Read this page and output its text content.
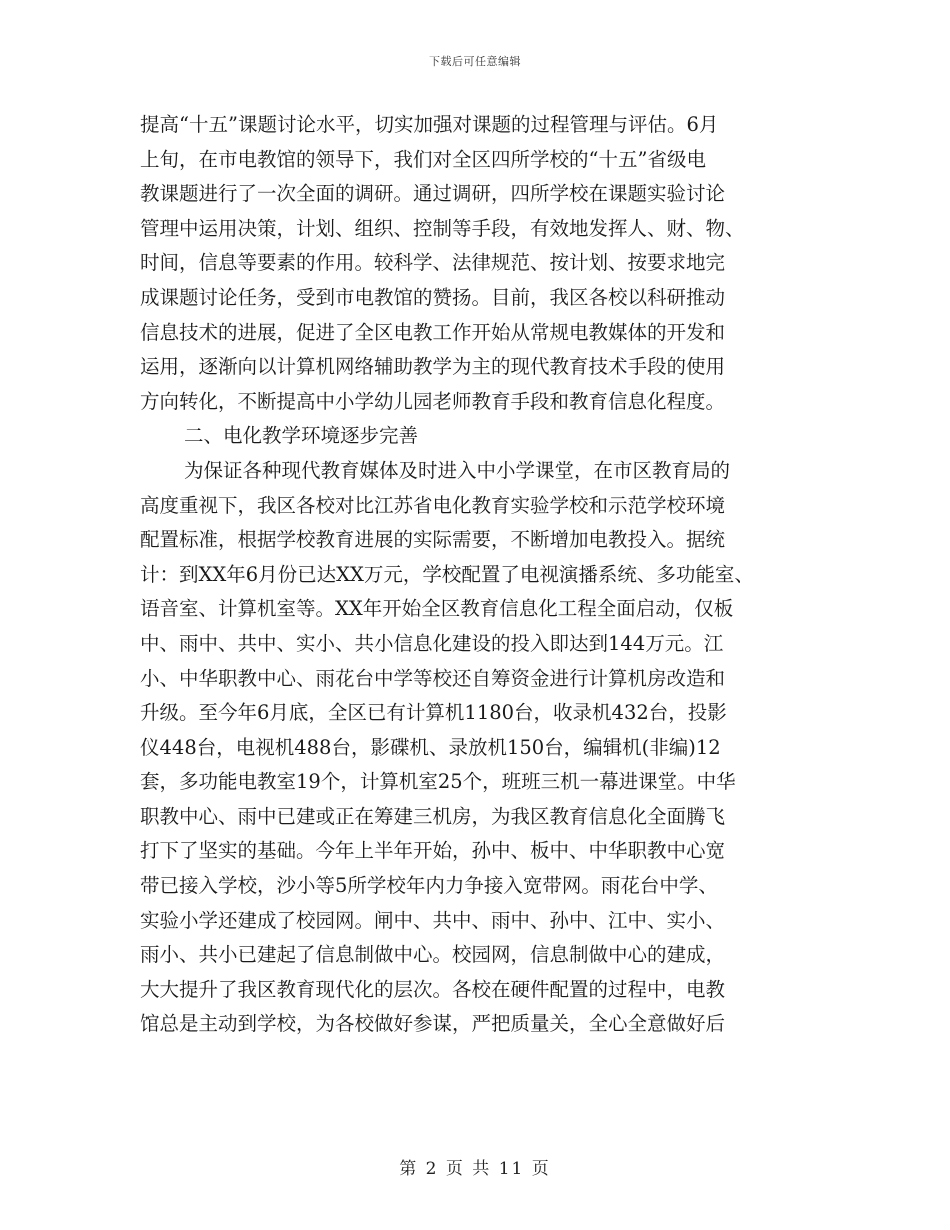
下载后可任意编辑
提高“十五”课题讨论水平，切实加强对课题的过程管理与评估。6月
上旬，在市电教馆的领导下，我们对全区四所学校的“十五”省级电
教课题进行了一次全面的调研。通过调研，四所学校在课题实验讨论
管理中运用决策，计划、组织、控制等手段，有效地发挥人、财、物、
时间，信息等要素的作用。较科学、法律规范、按计划、按要求地完
成课题讨论任务，受到市电教馆的赞扬。目前，我区各校以科研推动
信息技术的进展，促进了全区电教工作开始从常规电教媒体的开发和
运用，逐渐向以计算机网络辅助教学为主的现代教育技术手段的使用
方向转化，不断提高中小学幼儿园老师教育手段和教育信息化程度。
二、电化教学环境逐步完善
为保证各种现代教育媒体及时进入中小学课堂，在市区教育局的
高度重视下，我区各校对比江苏省电化教育实验学校和示范学校环境
配置标准，根据学校教育进展的实际需要，不断增加电教投入。据统
计：到XX年6月份已达XX万元，学校配置了电视演播系统、多功能室、
语音室、计算机室等。XX年开始全区教育信息化工程全面启动，仅板
中、雨中、共中、实小、共小信息化建设的投入即达到144万元。江
小、中华职教中心、雨花台中学等校还自筹资金进行计算机房改造和
升级。至今年6月底，全区已有计算机1180台，收录机432台，投影
仪448台，电视机488台，影碟机、录放机150台，编辑机(非编)12
套，多功能电教室19个，计算机室25个，班班三机一幕进课堂。中华
职教中心、雨中已建或正在筹建三机房，为我区教育信息化全面腾飞
打下了坚实的基础。今年上半年开始，孙中、板中、中华职教中心宽
带已接入学校，沙小等5所学校年内力争接入宽带网。雨花台中学、
实验小学还建成了校园网。闸中、共中、雨中、孙中、江中、实小、
雨小、共小已建起了信息制做中心。校园网，信息制做中心的建成，
大大提升了我区教育现代化的层次。各校在硬件配置的过程中，电教
馆总是主动到学校，为各校做好参谋，严把质量关，全心全意做好后
第 2 页 共 11 页
